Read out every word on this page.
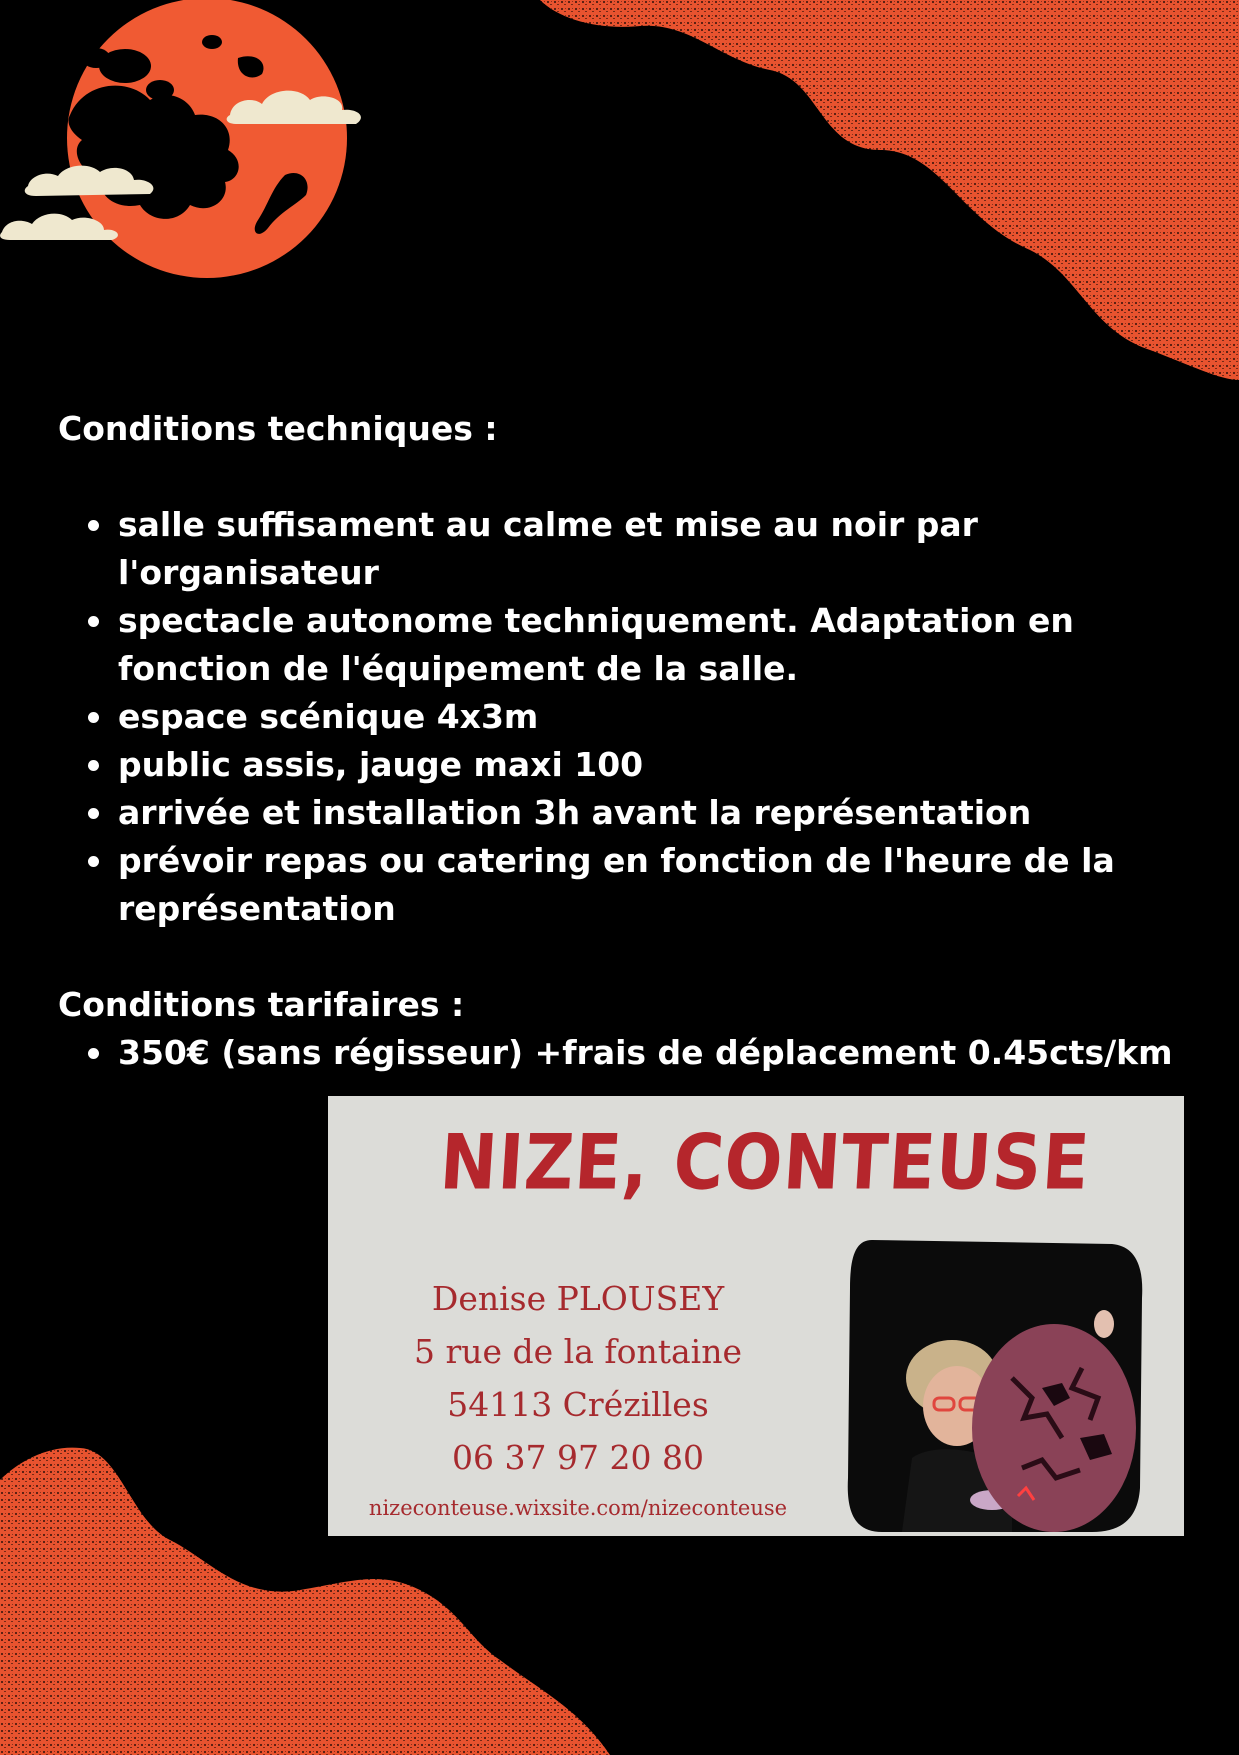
Conditions techniques :
salle suffisament au calme et mise au noir par l'organisateur
spectacle autonome techniquement. Adaptation en fonction de l'équipement de la salle.
espace scénique 4x3m
public assis, jauge maxi 100
arrivée et installation 3h avant la représentation
prévoir repas ou catering en fonction de l'heure de la représentation
Conditions tarifaires :
350€ (sans régisseur) +frais de déplacement 0.45cts/km
NIZE, CONTEUSE
Denise PLOUSEY
5 rue de la fontaine
54113 Crézilles
06 37 97 20 80
nizeconteuse.wixsite.com/nizeconteuse
